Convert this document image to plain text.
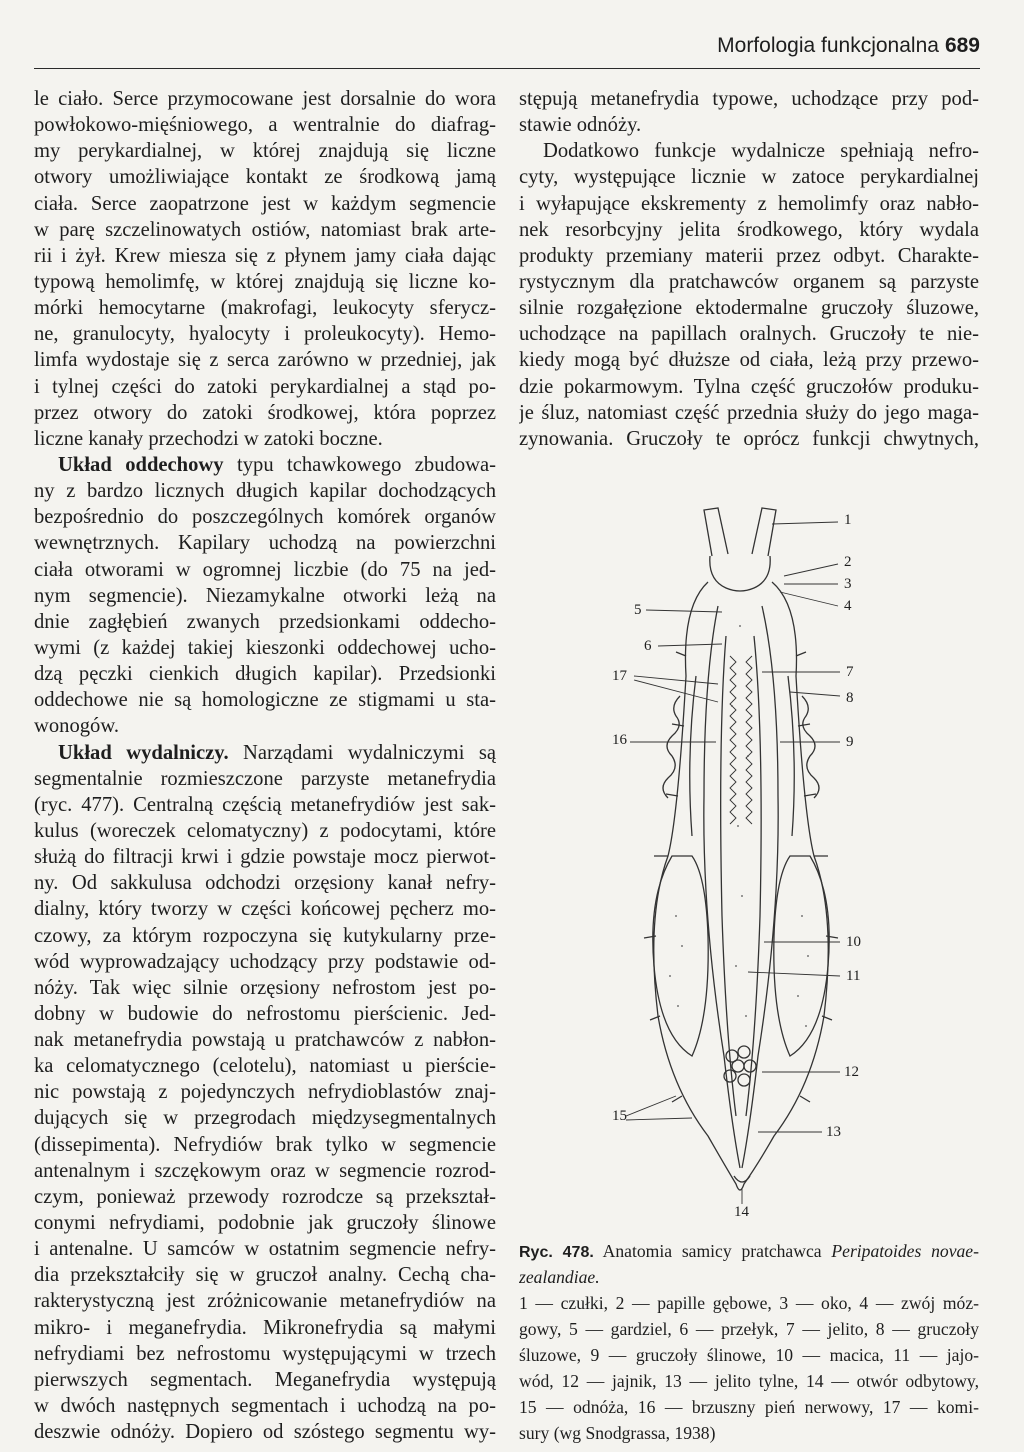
Morfologia funkcjonalna 689
le ciało. Serce przymocowane jest dorsalnie do wora
powłokowo-mięśniowego, a wentralnie do diafrag-
my perykardialnej, w której znajdują się liczne
otwory umożliwiające kontakt ze środkową jamą
ciała. Serce zaopatrzone jest w każdym segmencie
w parę szczelinowatych ostiów, natomiast brak arte-
rii i żył. Krew miesza się z płynem jamy ciała dając
typową hemolimfę, w której znajdują się liczne ko-
mórki hemocytarne (makrofagi, leukocyty sferycz-
ne, granulocyty, hyalocyty i proleukocyty). Hemo-
limfa wydostaje się z serca zarówno w przedniej, jak
i tylnej części do zatoki perykardialnej a stąd po-
przez otwory do zatoki środkowej, która poprzez
liczne kanały przechodzi w zatoki boczne.
Układ oddechowy typu tchawkowego zbudowa-
ny z bardzo licznych długich kapilar dochodzących
bezpośrednio do poszczególnych komórek organów
wewnętrznych. Kapilary uchodzą na powierzchni
ciała otworami w ogromnej liczbie (do 75 na jed-
nym segmencie). Niezamykalne otworki leżą na
dnie zagłębień zwanych przedsionkami oddecho-
wymi (z każdej takiej kieszonki oddechowej ucho-
dzą pęczki cienkich długich kapilar). Przedsionki
oddechowe nie są homologiczne ze stigmami u sta-
wonogów.
Układ wydalniczy. Narządami wydalniczymi są
segmentalnie rozmieszczone parzyste metanefrydia
(ryc. 477). Centralną częścią metanefrydiów jest sak-
kulus (woreczek celomatyczny) z podocytami, które
służą do filtracji krwi i gdzie powstaje mocz pierwot-
ny. Od sakkulusa odchodzi orzęsiony kanał nefry-
dialny, który tworzy w części końcowej pęcherz mo-
czowy, za którym rozpoczyna się kutykularny prze-
wód wyprowadzający uchodzący przy podstawie od-
nóży. Tak więc silnie orzęsiony nefrostom jest po-
dobny w budowie do nefrostomu pierścienic. Jed-
nak metanefrydia powstają u pratchawców z nabłon-
ka celomatycznego (celotelu), natomiast u pierście-
nic powstają z pojedynczych nefrydioblastów znaj-
dujących się w przegrodach międzysegmentalnych
(dissepimenta). Nefrydiów brak tylko w segmencie
antenalnym i szczękowym oraz w segmencie rozrod-
czym, ponieważ przewody rozrodcze są przekształ-
conymi nefrydiami, podobnie jak gruczoły ślinowe
i antenalne. U samców w ostatnim segmencie nefry-
dia przekształciły się w gruczoł analny. Cechą cha-
rakterystyczną jest zróżnicowanie metanefrydiów na
mikro- i meganefrydia. Mikronefrydia są małymi
nefrydiami bez nefrostomu występującymi w trzech
pierwszych segmentach. Meganefrydia występują
w dwóch następnych segmentach i uchodzą na po-
deszwie odnóży. Dopiero od szóstego segmentu wy-
stępują metanefrydia typowe, uchodzące przy pod-
stawie odnóży.
Dodatkowo funkcje wydalnicze spełniają nefro-
cyty, występujące licznie w zatoce perykardialnej
i wyłapujące ekskrementy z hemolimfy oraz nabło-
nek resorbcyjny jelita środkowego, który wydala
produkty przemiany materii przez odbyt. Charakte-
rystycznym dla pratchawców organem są parzyste
silnie rozgałęzione ektodermalne gruczoły śluzowe,
uchodzące na papillach oralnych. Gruczoły te nie-
kiedy mogą być dłuższe od ciała, leżą przy przewo-
dzie pokarmowym. Tylna część gruczołów produku-
je śluz, natomiast część przednia służy do jego maga-
zynowania. Gruczoły te oprócz funkcji chwytnych,
1
2
3
4
5
6
7
8
9
10
11
12
13
14
15
16
17
Ryc. 478. Anatomia samicy pratchawca Peripatoides novae-
zealandiae.
1 — czułki, 2 — papille gębowe, 3 — oko, 4 — zwój móz-
gowy, 5 — gardziel, 6 — przełyk, 7 — jelito, 8 — gruczoły
śluzowe, 9 — gruczoły ślinowe, 10 — macica, 11 — jajo-
wód, 12 — jajnik, 13 — jelito tylne, 14 — otwór odbytowy,
15 — odnóża, 16 — brzuszny pień nerwowy, 17 — komi-
sury (wg Snodgrassa, 1938)
